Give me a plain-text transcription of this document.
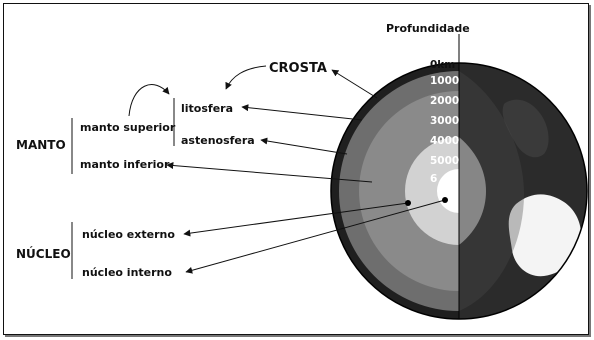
Profundidade
0km
1000
2000
3000
4000
5000
6
CROSTA
MANTO
manto superior
manto inferior
litosfera
astenosfera
NÚCLEO
núcleo externo
núcleo interno
